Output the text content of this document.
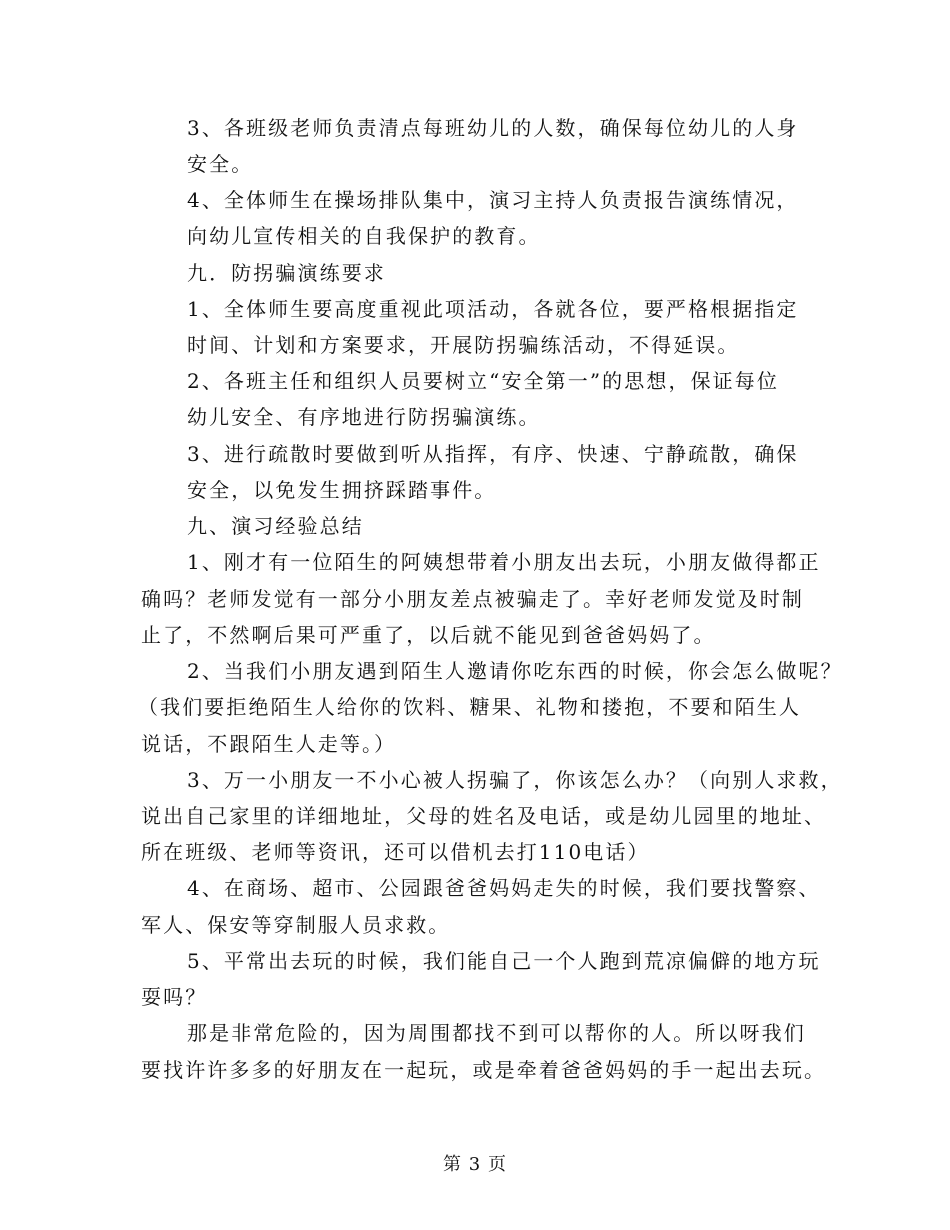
3、各班级老师负责清点每班幼儿的人数，确保每位幼儿的人身
安全。
4、全体师生在操场排队集中，演习主持人负责报告演练情况，
向幼儿宣传相关的自我保护的教育。
九．防拐骗演练要求
1、全体师生要高度重视此项活动，各就各位，要严格根据指定
时间、计划和方案要求，开展防拐骗练活动，不得延误。
2、各班主任和组织人员要树立“安全第一”的思想，保证每位
幼儿安全、有序地进行防拐骗演练。
3、进行疏散时要做到听从指挥，有序、快速、宁静疏散，确保
安全，以免发生拥挤踩踏事件。
九、演习经验总结
1、刚才有一位陌生的阿姨想带着小朋友出去玩，小朋友做得都正
确吗？老师发觉有一部分小朋友差点被骗走了。幸好老师发觉及时制
止了，不然啊后果可严重了，以后就不能见到爸爸妈妈了。
2、当我们小朋友遇到陌生人邀请你吃东西的时候，你会怎么做呢？
（我们要拒绝陌生人给你的饮料、糖果、礼物和搂抱，不要和陌生人
说话，不跟陌生人走等。）
3、万一小朋友一不小心被人拐骗了，你该怎么办？（向别人求救，
说出自己家里的详细地址，父母的姓名及电话，或是幼儿园里的地址、
所在班级、老师等资讯，还可以借机去打110电话）
4、在商场、超市、公园跟爸爸妈妈走失的时候，我们要找警察、
军人、保安等穿制服人员求救。
5、平常出去玩的时候，我们能自己一个人跑到荒凉偏僻的地方玩
耍吗？
那是非常危险的，因为周围都找不到可以帮你的人。所以呀我们
要找许许多多的好朋友在一起玩，或是牵着爸爸妈妈的手一起出去玩。
第 3 页
